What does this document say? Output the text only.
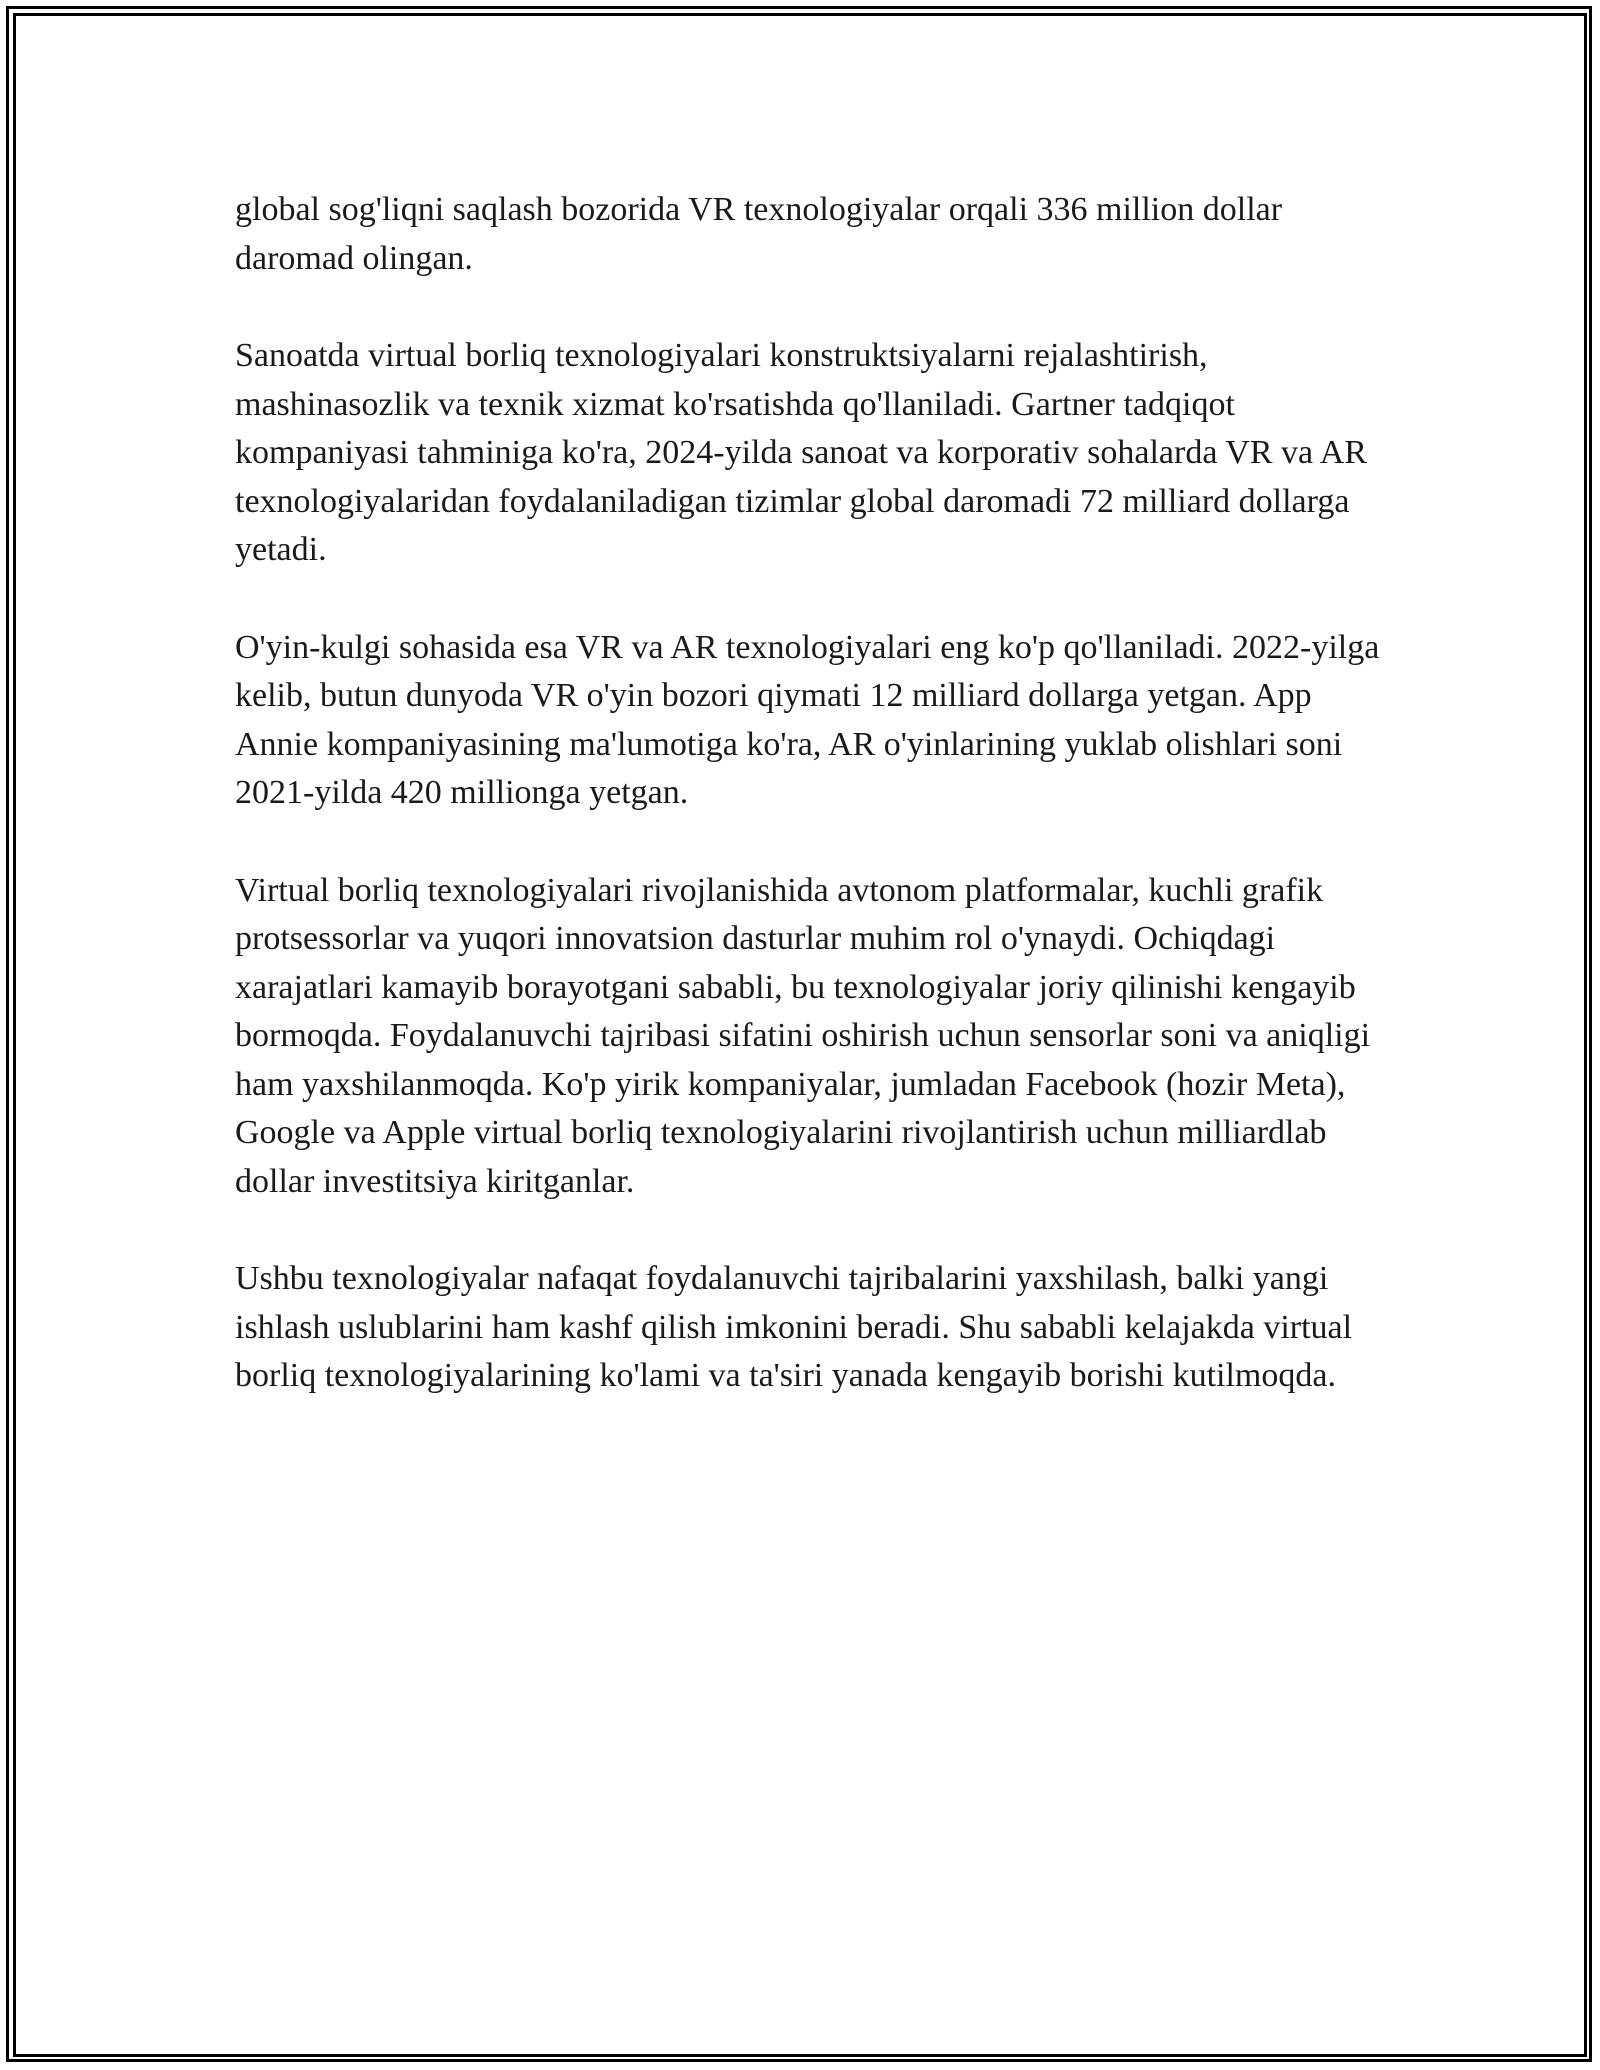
global sog'liqni saqlash bozorida VR texnologiyalar orqali 336 million dollar daromad olingan.

Sanoatda virtual borliq texnologiyalari konstruktsiyalarni rejalashtirish, mashinasozlik va texnik xizmat ko'rsatishda qo'llaniladi. Gartner tadqiqot kompaniyasi tahminiga ko'ra, 2024-yilda sanoat va korporativ sohalarda VR va AR texnologiyalaridan foydalaniladigan tizimlar global daromadi 72 milliard dollarga yetadi.

O'yin-kulgi sohasida esa VR va AR texnologiyalari eng ko'p qo'llaniladi. 2022-yilga kelib, butun dunyoda VR o'yin bozori qiymati 12 milliard dollarga yetgan. App Annie kompaniyasining ma'lumotiga ko'ra, AR o'yinlarining yuklab olishlari soni 2021-yilda 420 millionga yetgan.

Virtual borliq texnologiyalari rivojlanishida avtonom platformalar, kuchli grafik protsessorlar va yuqori innovatsion dasturlar muhim rol o'ynaydi. Ochiqdagi xarajatlari kamayib borayotgani sababli, bu texnologiyalar joriy qilinishi kengayib bormoqda. Foydalanuvchi tajribasi sifatini oshirish uchun sensorlar soni va aniqligi ham yaxshilanmoqda. Ko'p yirik kompaniyalar, jumladan Facebook (hozir Meta), Google va Apple virtual borliq texnologiyalarini rivojlantirish uchun milliardlab dollar investitsiya kiritganlar.

Ushbu texnologiyalar nafaqat foydalanuvchi tajribalarini yaxshilash, balki yangi ishlash uslublarini ham kashf qilish imkonini beradi. Shu sababli kelajakda virtual borliq texnologiyalarining ko'lami va ta'siri yanada kengayib borishi kutilmoqda.
